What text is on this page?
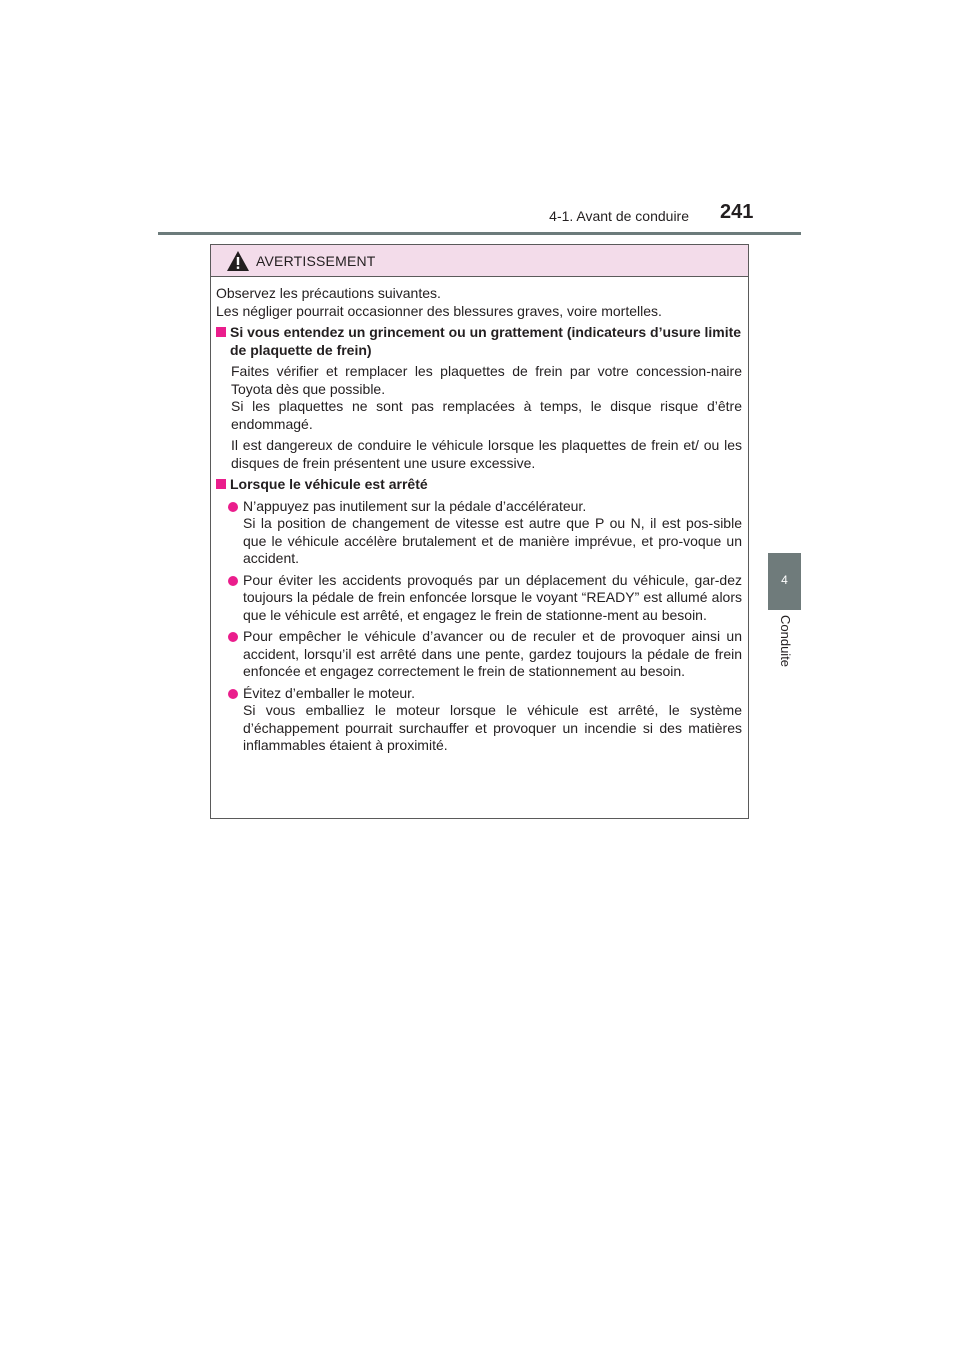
4-1. Avant de conduire 241
4
Conduite
AVERTISSEMENT
Observez les précautions suivantes.
Les négliger pourrait occasionner des blessures graves, voire mortelles.
Si vous entendez un grincement ou un grattement (indicateurs d’usure limite de plaquette de frein)

Faites vérifier et remplacer les plaquettes de frein par votre concession-naire Toyota dès que possible.

Si les plaquettes ne sont pas remplacées à temps, le disque risque d’être endommagé.

Il est dangereux de conduire le véhicule lorsque les plaquettes de frein et/ ou les disques de frein présentent une usure excessive.

Lorsque le véhicule est arrêté
N’appuyez pas inutilement sur la pédale d’accélérateur.
Si la position de changement de vitesse est autre que P ou N, il est pos-sible que le véhicule accélère brutalement et de manière imprévue, et pro-voque un accident.
Pour éviter les accidents provoqués par un déplacement du véhicule, gar-dez toujours la pédale de frein enfoncée lorsque le voyant “READY” est allumé alors que le véhicule est arrêté, et engagez le frein de stationne-ment au besoin.
Pour empêcher le véhicule d’avancer ou de reculer et de provoquer ainsi un accident, lorsqu’il est arrêté dans une pente, gardez toujours la pédale de frein enfoncée et engagez correctement le frein de stationnement au besoin.
Évitez d’emballer le moteur.
Si vous emballiez le moteur lorsque le véhicule est arrêté, le système d’échappement pourrait surchauffer et provoquer un incendie si des matières inflammables étaient à proximité.
